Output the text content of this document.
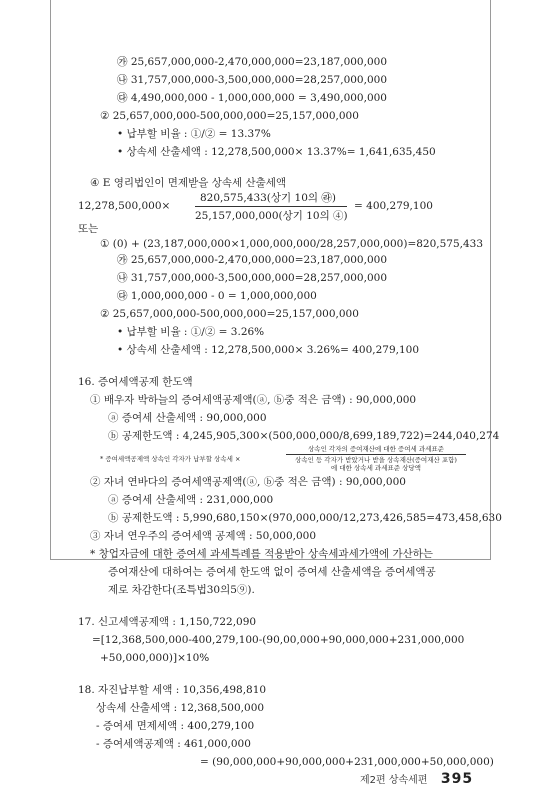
㉮ 25,657,000,000-2,470,000,000=23,187,000,000
㉯ 31,757,000,000-3,500,000,000=28,257,000,000
㉰ 4,490,000,000 - 1,000,000,000 = 3,490,000,000
② 25,657,000,000-500,000,000=25,157,000,000
• 납부할 비율 : ①/② = 13.37%
• 상속세 산출세액 : 12,278,500,000× 13.37%= 1,641,635,450
④ E 영리법인이 면제받을 상속세 산출세액
820,575,433(상기 10의 ㉱)
12,278,500,000×	= 400,279,100
25,157,000,000(상기 10의 ④)
또는
① (0) + (23,187,000,000×1,000,000,000/28,257,000,000)=820,575,433
㉮ 25,657,000,000-2,470,000,000=23,187,000,000
㉯ 31,757,000,000-3,500,000,000=28,257,000,000
㉰ 1,000,000,000 - 0 = 1,000,000,000
② 25,657,000,000-500,000,000=25,157,000,000
• 납부할 비율 : ①/② = 3.26%
• 상속세 산출세액 : 12,278,500,000× 3.26%= 400,279,100
16. 증여세액공제 한도액
① 배우자 박하늘의 증여세액공제액(ⓐ, ⓑ중 적은 금액) : 90,000,000
ⓐ 증여세 산출세액 : 90,000,000
ⓑ 공제한도액 : 4,245,905,300×(500,000,000/8,699,189,722)=244,040,274
* 증여세액공제액 상속인 각자가 납부할 상속세 ×
상속인 각자의 증여재산에 대한 증여세 과세표준
상속인 등 각자가 받았거나 받을 상속재산(증여재산 포함)
에 대한 상속세 과세표준 상당액
② 자녀 연바다의 증여세액공제액(ⓐ, ⓑ중 적은 금액) : 90,000,000
ⓐ 증여세 산출세액 : 231,000,000
ⓑ 공제한도액 : 5,990,680,150×(970,000,000/12,273,426,585=473,458,630
③ 자녀 연우주의 증여세액 공제액 : 50,000,000
* 창업자금에 대한 증여세 과세특례를 적용받아 상속세과세가액에 가산하는
증여재산에 대하여는 증여세 한도액 없이 증여세 산출세액을 증여세액공
제로 차감한다(조특법30의5⑨).
17. 신고세액공제액 : 1,150,722,090
=[12,368,500,000-400,279,100-(90,00,000+90,000,000+231,000,000
+50,000,000)]×10%
18. 자진납부할 세액 : 10,356,498,810
상속세 산출세액 : 12,368,500,000
- 증여세 면제세액 : 400,279,100
- 증여세액공제액 : 461,000,000
= (90,000,000+90,000,000+231,000,000+50,000,000)
제2편 상속세편 395
